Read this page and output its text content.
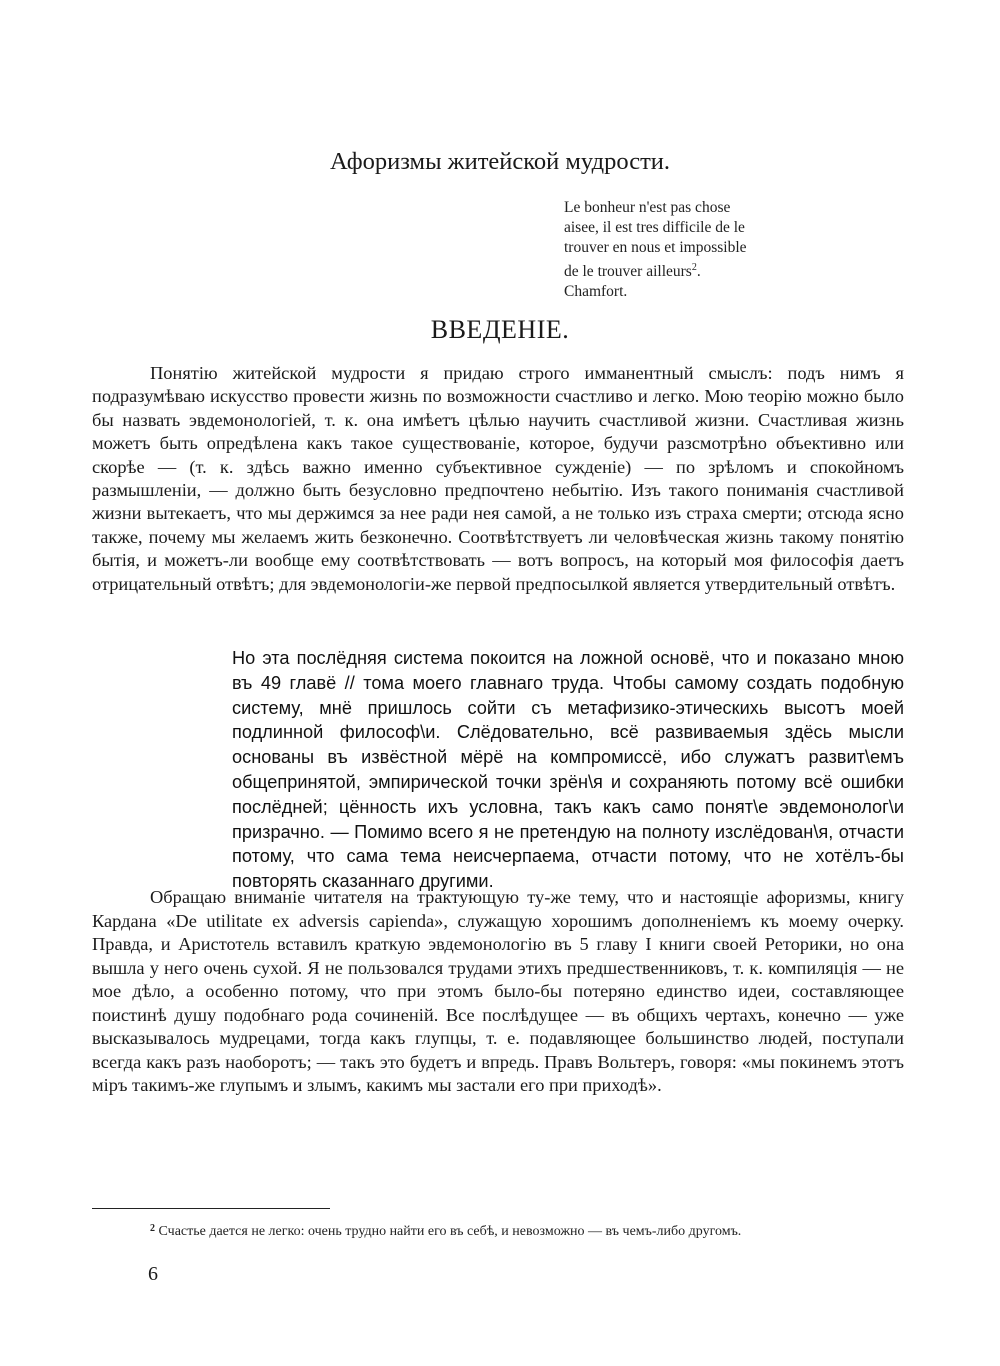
Афоризмы житейской мудрости.
Le bonheur n'est pas chose
aisee, il est tres difficile de le
trouver en nous et impossible
de le trouver ailleurs$^2$.
Chamfort.
ВВЕДЕНІЕ.

Понятію житейской мудрости я придаю строго имманентный смыслъ: подъ нимъ я подразумѣваю искусство провести жизнь по возможности счастливо и легко. Мою теорію можно было бы назвать эвдемонологiей, т. к. она имѣетъ цѣлью научить счастливой жизни. Счастливая жизнь можетъ быть опредѣлена какъ такое существованіе, которое, будучи разсмотрѣно объективно или скорѣе — (т. к. здѣсь важно именно субъективное сужденіе) — по зрѣломъ и спокойномъ размышленіи, — должно быть безусловно предпочтено небытію. Изъ такого пониманія счастливой жизни вытекаетъ, что мы держимся за нее ради нея самой, а не только изъ страха смерти; отсюда ясно также, почему мы желаемъ жить безконечно. Соотвѣтствуетъ ли человѣческая жизнь такому понятію бытія, и можетъ-ли вообще ему соотвѣтствовать — вотъ вопросъ, на который моя философія даетъ отрицательный отвѣтъ; для эвдемонологіи-же первой предпосылкой является утвердительный отвѣтъ.

Но эта послёдняя система покоится на ложной основё, что и показано мною въ 49 главё // тома моего главнаго труда. Чтобы самому создать подобную систему, мнё пришлось сойти съ метафизико-этическихь высотъ моей подлинной философ\и. Слёдовательно, всё развиваемыя здёсь мысли основаны въ извёстной мёрё на компромиссё, ибо служатъ развит\емъ общепринятой, эмпирической точки зрён\я и сохраняють потому всё ошибки послёдней; цённость ихъ условна, такъ какъ само понят\е эвдемонолог\и призрачно. — Помимо всего я не претендую на полноту изслёдован\я, отчасти потому, что сама тема неисчерпаема, отчасти потому, что не хотёлъ-бы повторять сказаннаго другими.

Обращаю вниманіе читателя на трактующую ту-же тему, что и настоящіе афоризмы, книгу Кардана «De utilitate ex adversis capienda», служащую хорошимъ дополненіемъ къ моему очерку. Правда, и Аристотель вставилъ краткую эвдемонологію въ 5 главу I книги своей Реторики, но она вышла у него очень сухой. Я не пользовался трудами этихъ предшественниковъ, т. к. компиляція — не мое дѣло, а особенно потому, что при этомъ было-бы потеряно единство идеи, составляющее поистинѣ душу подобнаго рода сочиненій. Все послѣдущее — въ общихъ чертахъ, конечно — уже высказывалось мудрецами, тогда какъ глупцы, т. е. подавляющее большинство людей, поступали всегда какъ разъ наоборотъ; — такъ это будетъ и впредь. Правъ Вольтеръ, говоря: «мы покинемъ этотъ міръ такимъ-же глупымъ и злымъ, какимъ мы застали его при приходѣ».

$^2$ Счастье дается не легко: очень трудно найти его въ себѣ, и невозможно — въ чемъ-либо другомъ.
6
